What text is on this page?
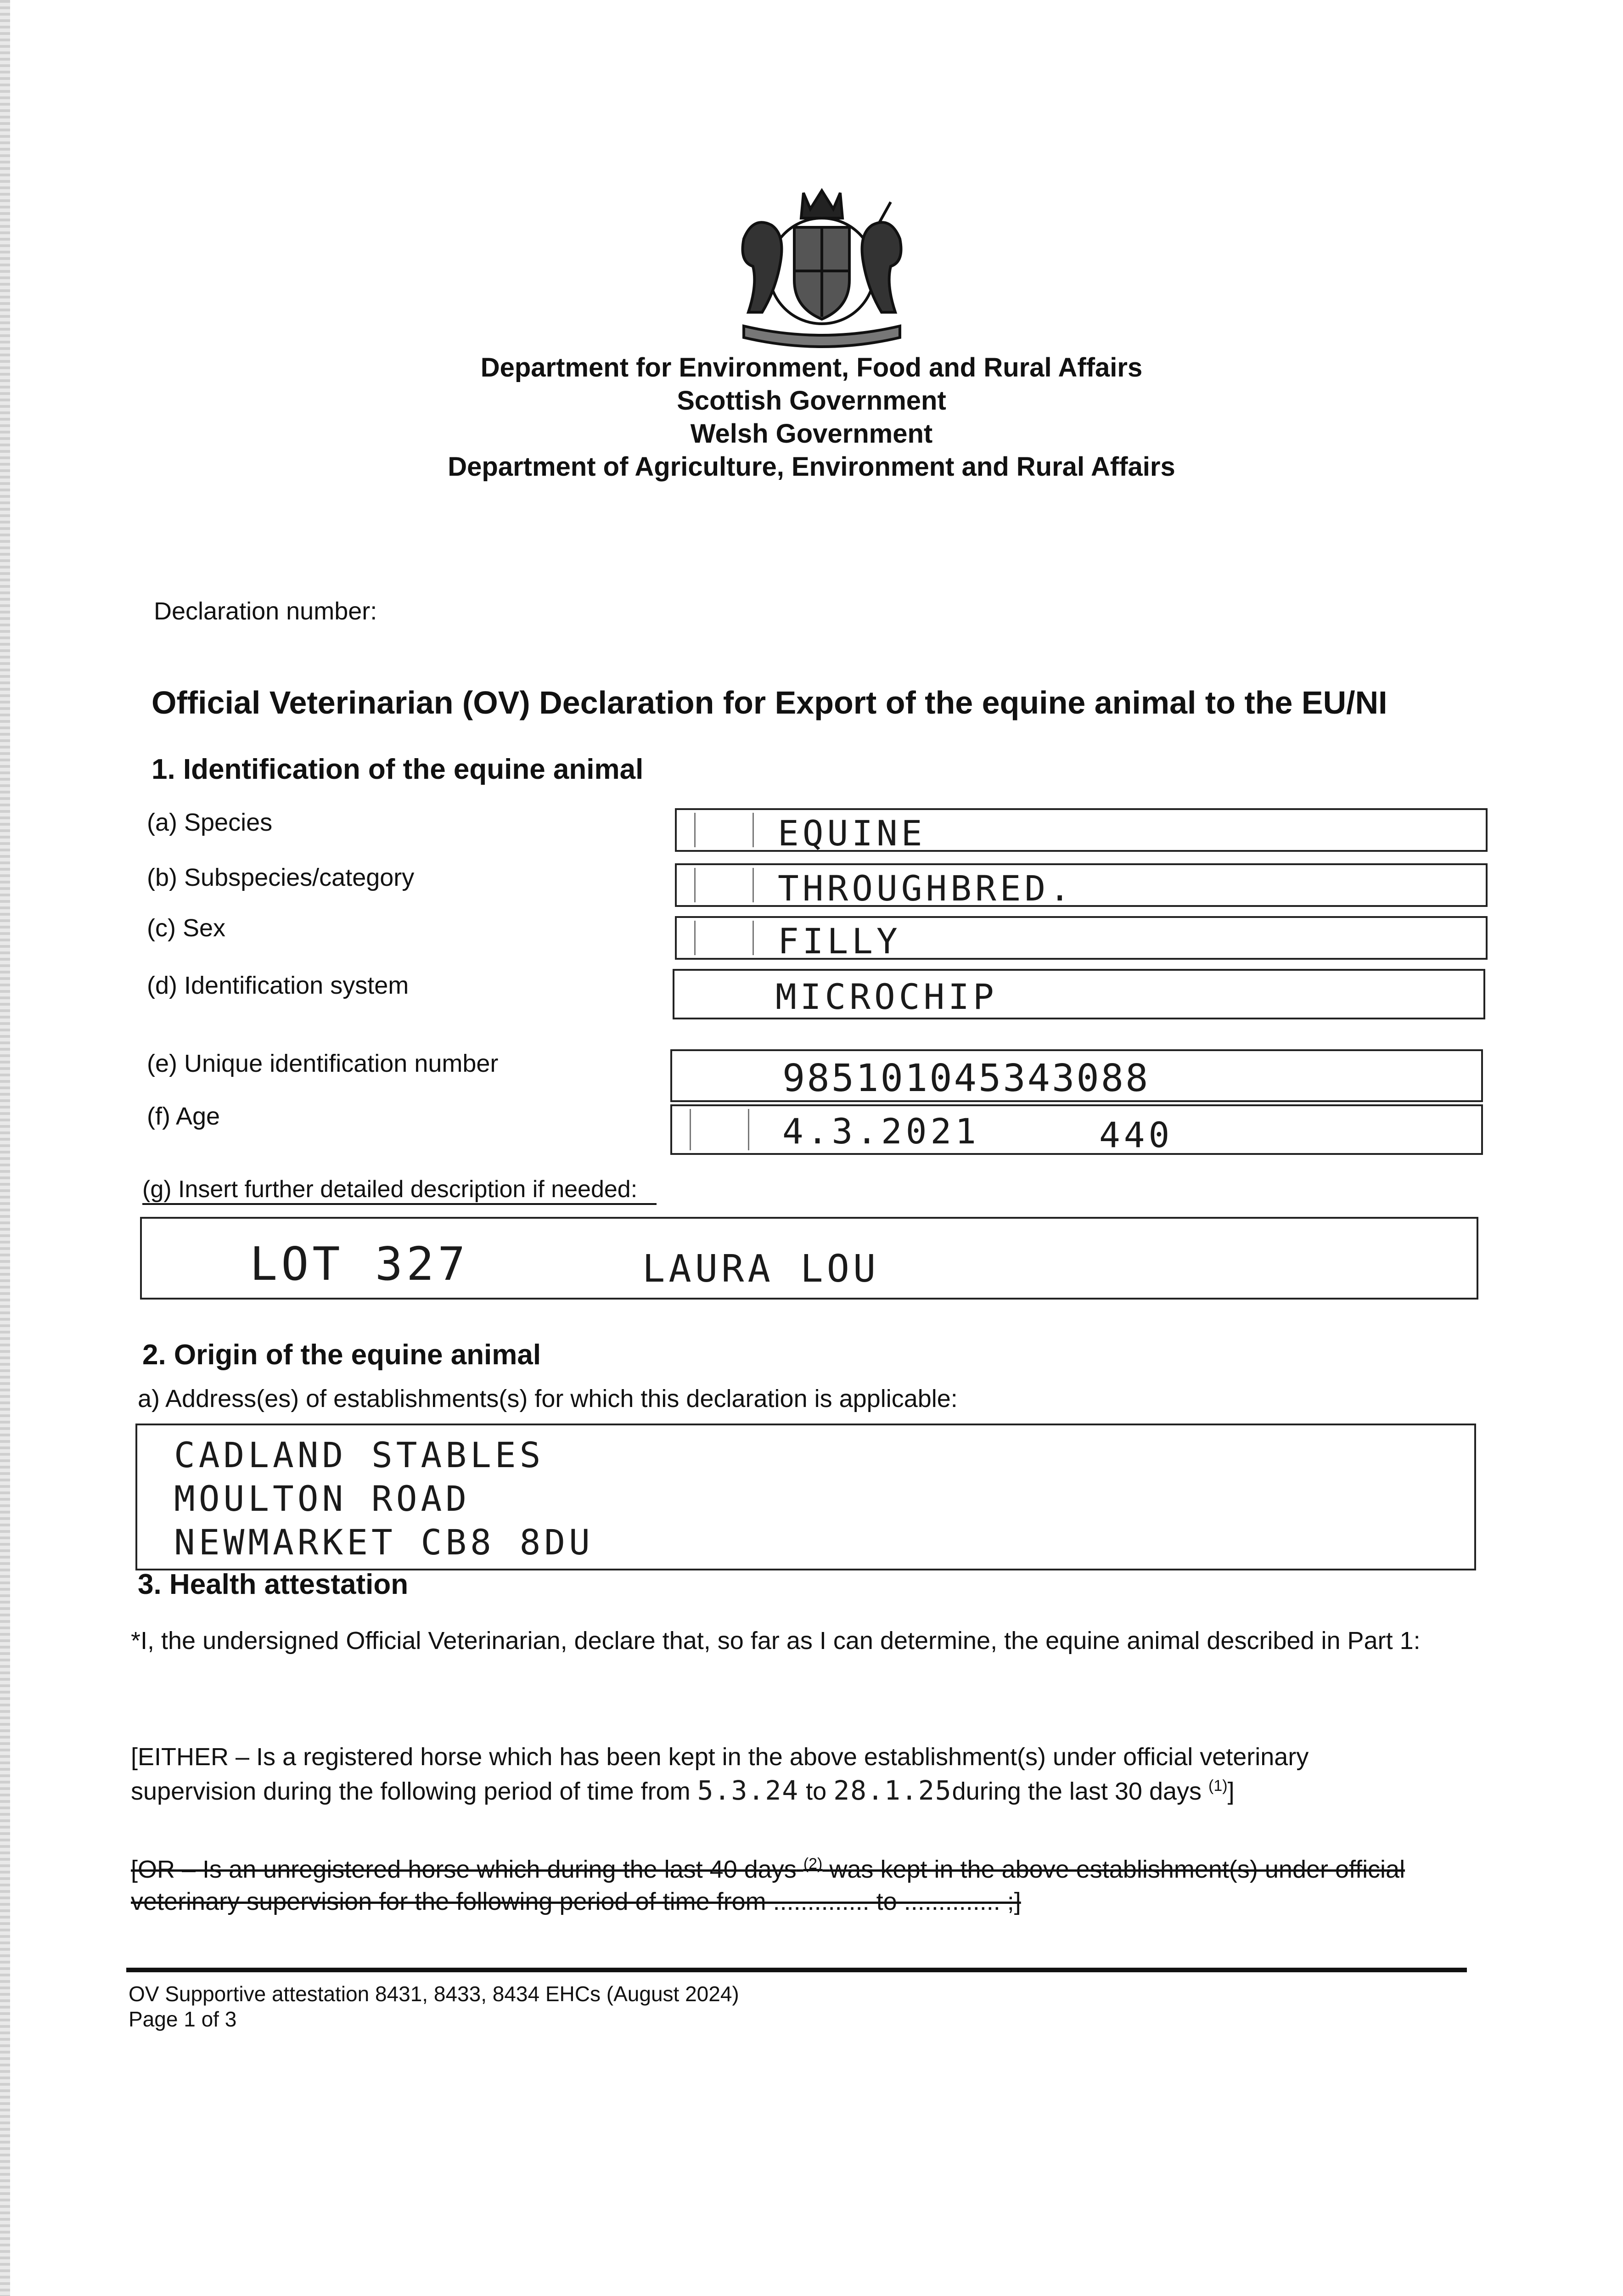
Department for Environment, Food and Rural Affairs
Scottish Government
Welsh Government
Department of Agriculture, Environment and Rural Affairs
Declaration number:
Official Veterinarian (OV) Declaration for Export of the equine animal to the EU/NI
1. Identification of the equine animal
(a) Species	EQUINE
(b) Subspecies/category	THROUGHBRED.
(c) Sex	FILLY
(d) Identification system	MICROCHIP
(e) Unique identification number	985101045343088
(f) Age	4.3.2021	440
(g) Insert further detailed description if needed:
LOT 327	LAURA LOU
2. Origin of the equine animal
a) Address(es) of establishments(s) for which this declaration is applicable:
CADLAND STABLES
MOULTON ROAD
NEWMARKET CB8 8DU
3. Health attestation
*I, the undersigned Official Veterinarian, declare that, so far as I can determine, the equine animal described in Part 1:
[EITHER – Is a registered horse which has been kept in the above establishment(s) under official veterinary
supervision during the following period of time from 5.3.24 to 28.1.25during the last 30 days $^{(1)}$]
[OR – Is an unregistered horse which during the last 40 days $^{(2)}$ was kept in the above establishment(s) under official
veterinary supervision for the following period of time from .............. to .............. ;]
OV Supportive attestation 8431, 8433, 8434 EHCs (August 2024)
Page 1 of 3
